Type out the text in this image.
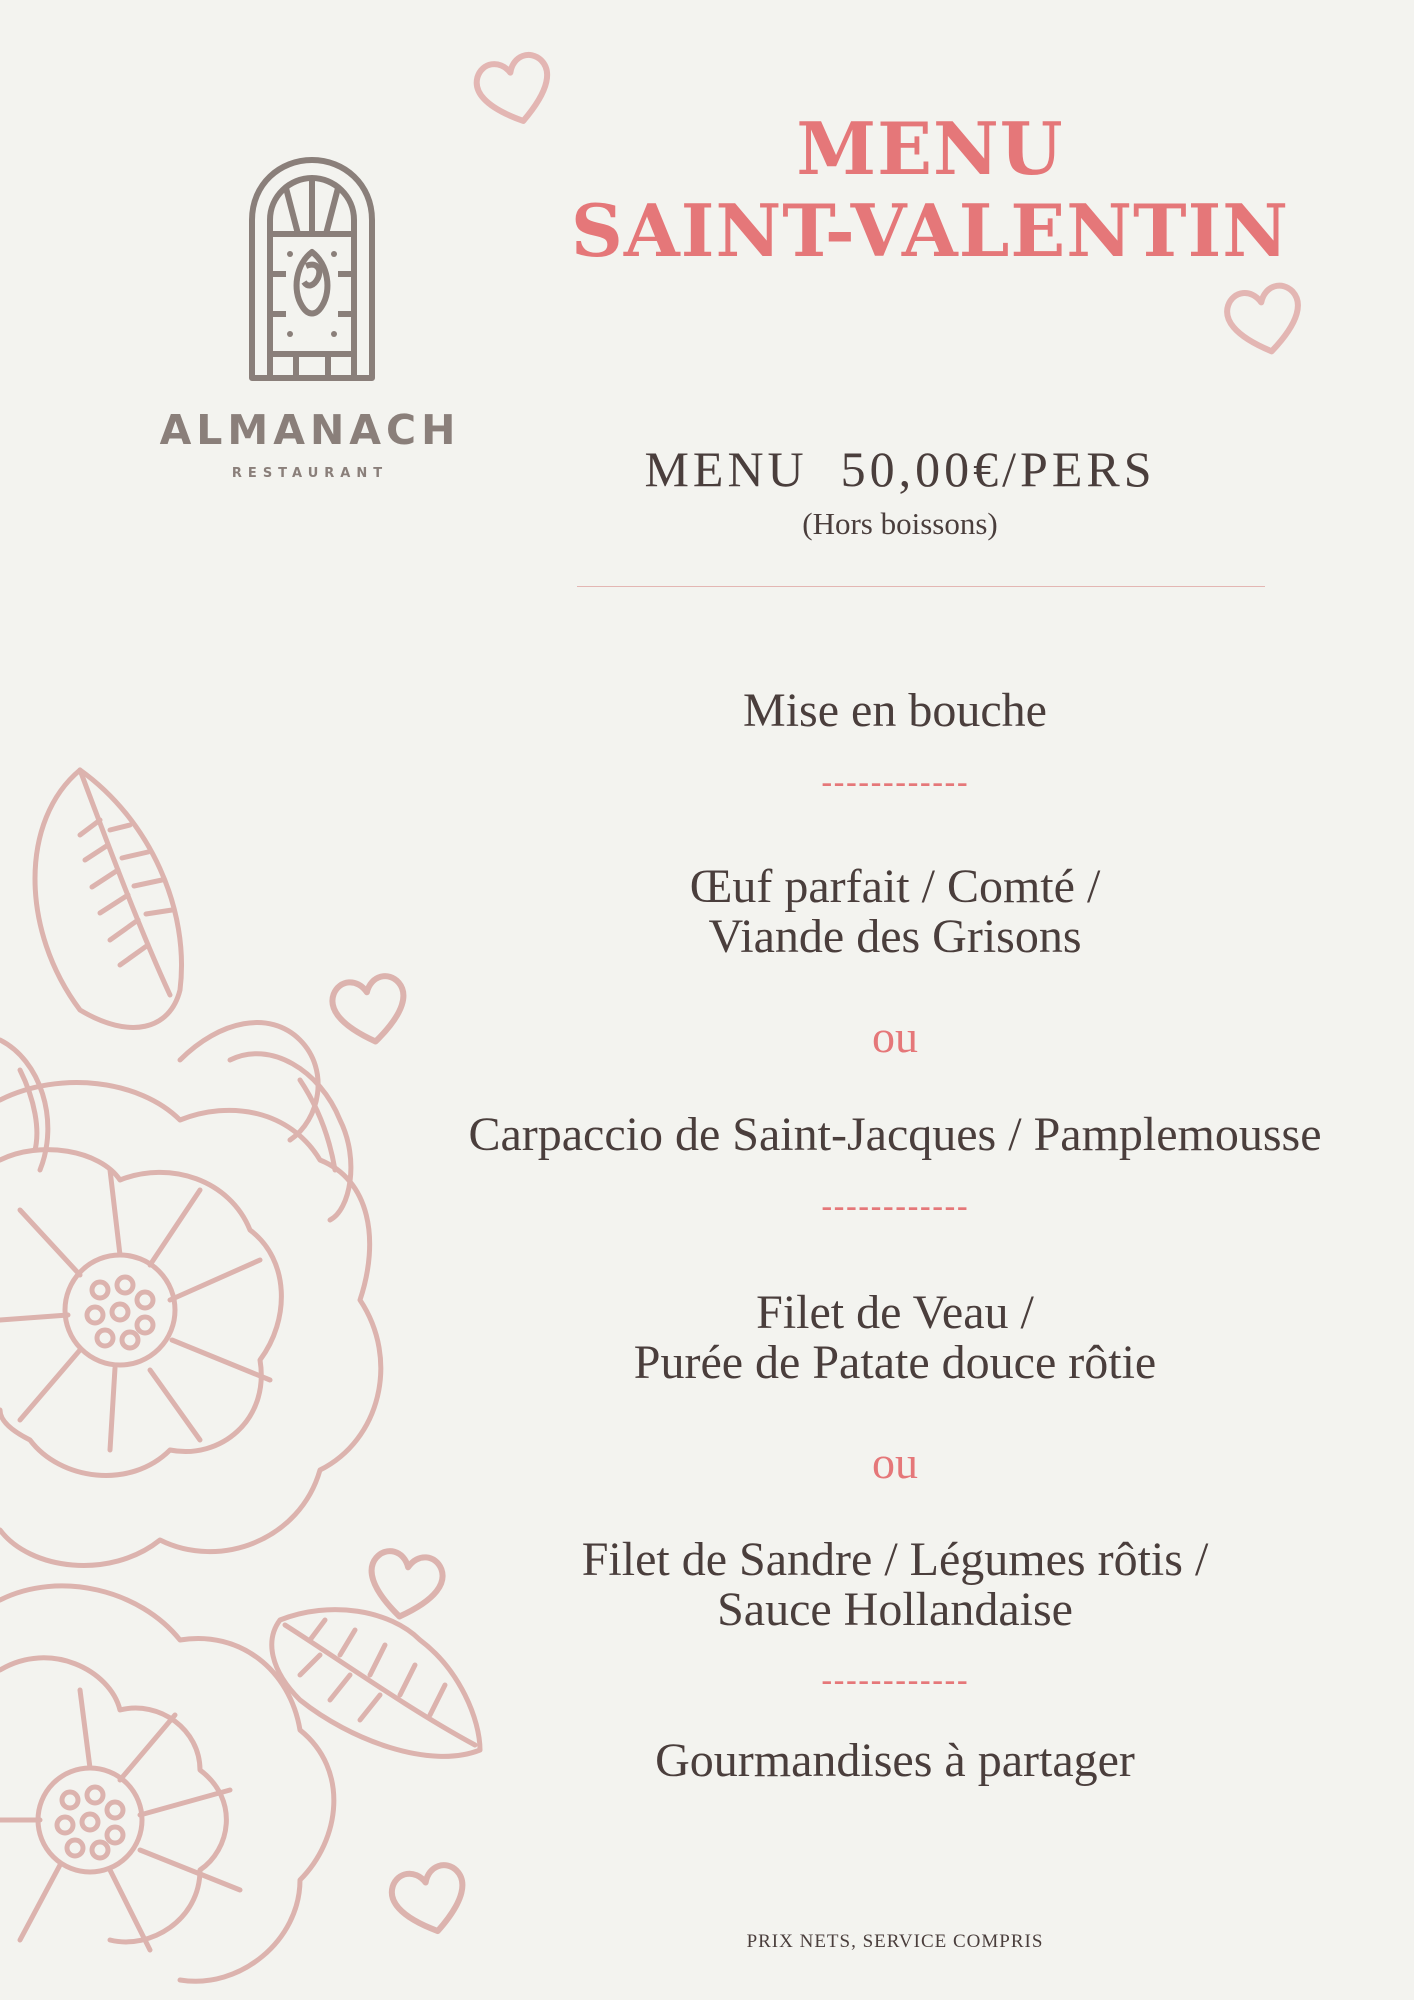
ALMANACH
RESTAURANT
MENU
SAINT-VALENTIN
MENU  50,00€/PERS
(Hors boissons)
Mise en bouche
------------
Œuf parfait / Comté /
Viande des Grisons
ou
Carpaccio de Saint-Jacques / Pamplemousse
------------
Filet de Veau /
Purée de Patate douce rôtie
ou
Filet de Sandre / Légumes rôtis /
Sauce Hollandaise
------------
Gourmandises à partager
PRIX NETS, SERVICE COMPRIS
